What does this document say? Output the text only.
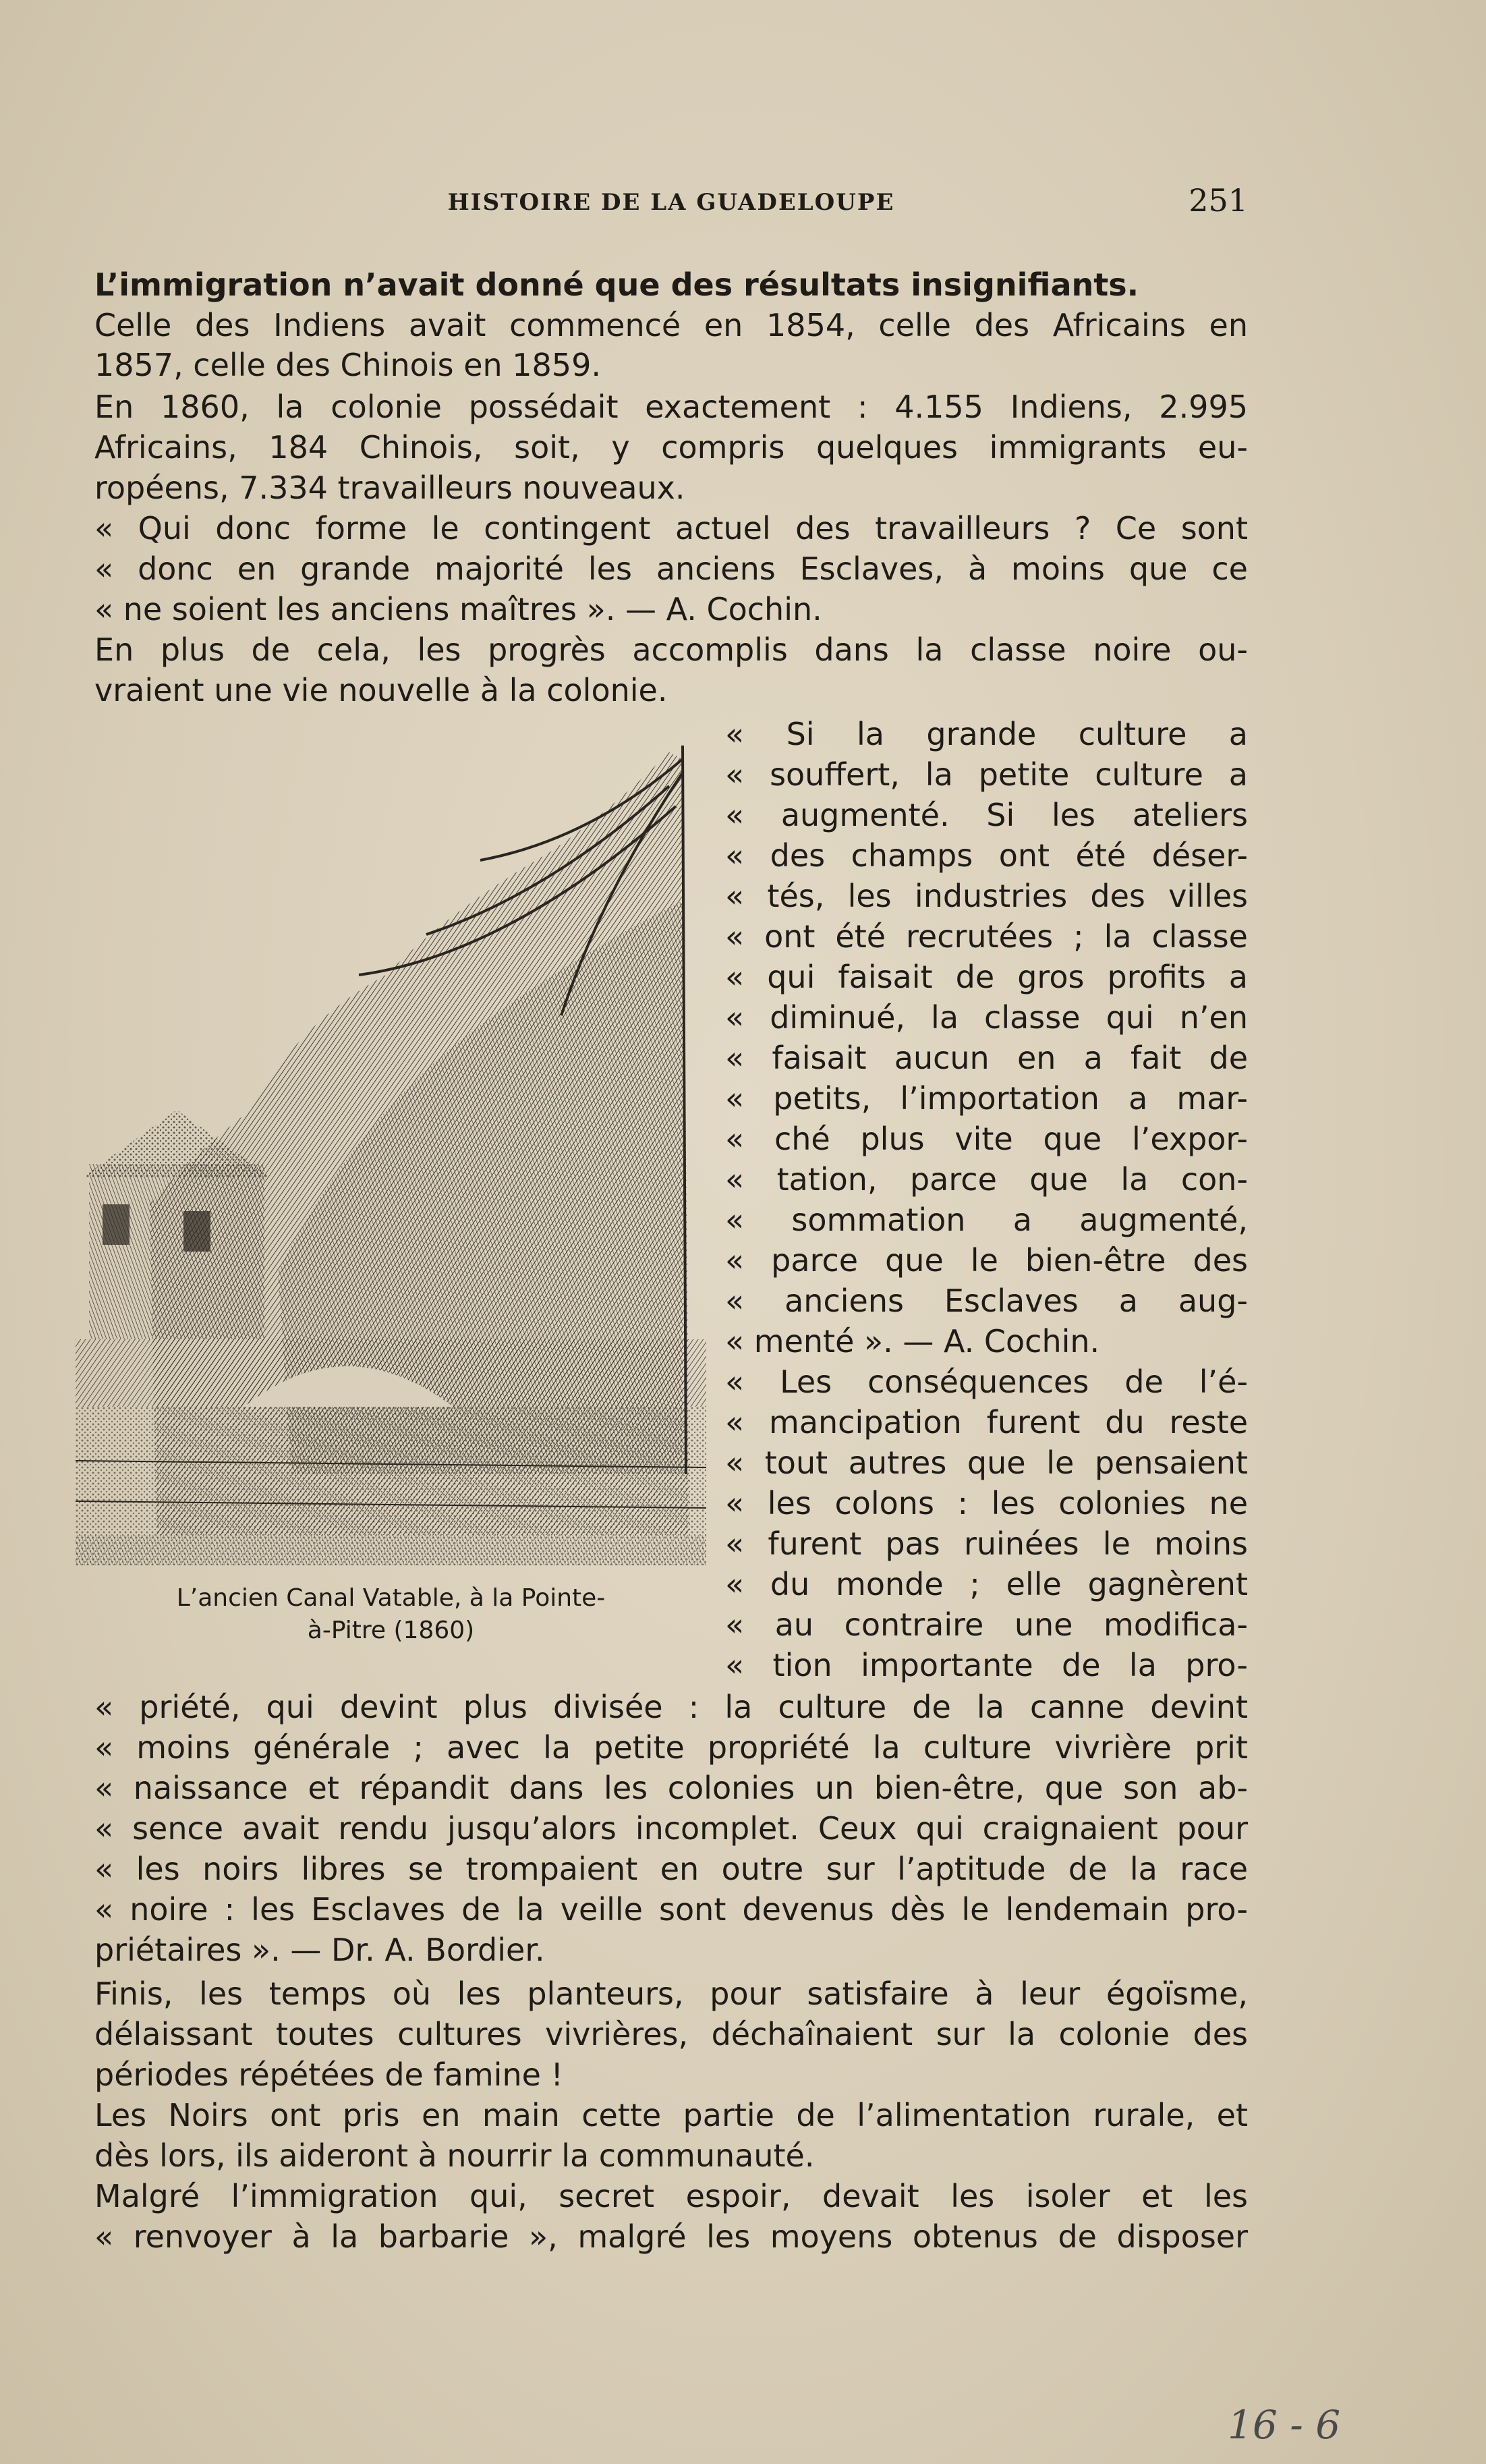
HISTOIRE DE LA GUADELOUPE	251
L’immigration n’avait donné que des résultats insignifiants.
Celle des Indiens avait commencé en 1854, celle des Africains en
1857, celle des Chinois en 1859.
En 1860, la colonie possédait exactement : 4.155 Indiens, 2.995
Africains, 184 Chinois, soit, y compris quelques immigrants eu-
ropéens, 7.334 travailleurs nouveaux.
« Qui donc forme le contingent actuel des travailleurs ? Ce sont
« donc en grande majorité les anciens Esclaves, à moins que ce
« ne soient les anciens maîtres ». — A. Cochin.
En plus de cela, les progrès accomplis dans la classe noire ou-
vraient une vie nouvelle à la colonie.
L’ancien Canal Vatable, à la Pointe-
à-Pitre (1860)
« Si la grande culture a
« souffert, la petite culture a
« augmenté. Si les ateliers
« des champs ont été déser-
« tés, les industries des villes
« ont été recrutées ; la classe
« qui faisait de gros profits a
« diminué, la classe qui n’en
« faisait aucun en a fait de
« petits, l’importation a mar-
« ché plus vite que l’expor-
« tation, parce que la con-
« sommation a augmenté,
« parce que le bien-être des
« anciens Esclaves a aug-
« menté ». — A. Cochin.
« Les conséquences de l’é-
« mancipation furent du reste
« tout autres que le pensaient
« les colons : les colonies ne
« furent pas ruinées le moins
« du monde ; elle gagnèrent
« au contraire une modifica-
« tion importante de la pro-
« priété, qui devint plus divisée : la culture de la canne devint
« moins générale ; avec la petite propriété la culture vivrière prit
« naissance et répandit dans les colonies un bien-être, que son ab-
« sence avait rendu jusqu’alors incomplet. Ceux qui craignaient pour
« les noirs libres se trompaient en outre sur l’aptitude de la race
« noire : les Esclaves de la veille sont devenus dès le lendemain pro-
priétaires ». — Dr. A. Bordier.
Finis, les temps où les planteurs, pour satisfaire à leur égoïsme,
délaissant toutes cultures vivrières, déchaînaient sur la colonie des
périodes répétées de famine !
Les Noirs ont pris en main cette partie de l’alimentation rurale, et
dès lors, ils aideront à nourrir la communauté.
Malgré l’immigration qui, secret espoir, devait les isoler et les
« renvoyer à la barbarie », malgré les moyens obtenus de disposer
16 - 6
